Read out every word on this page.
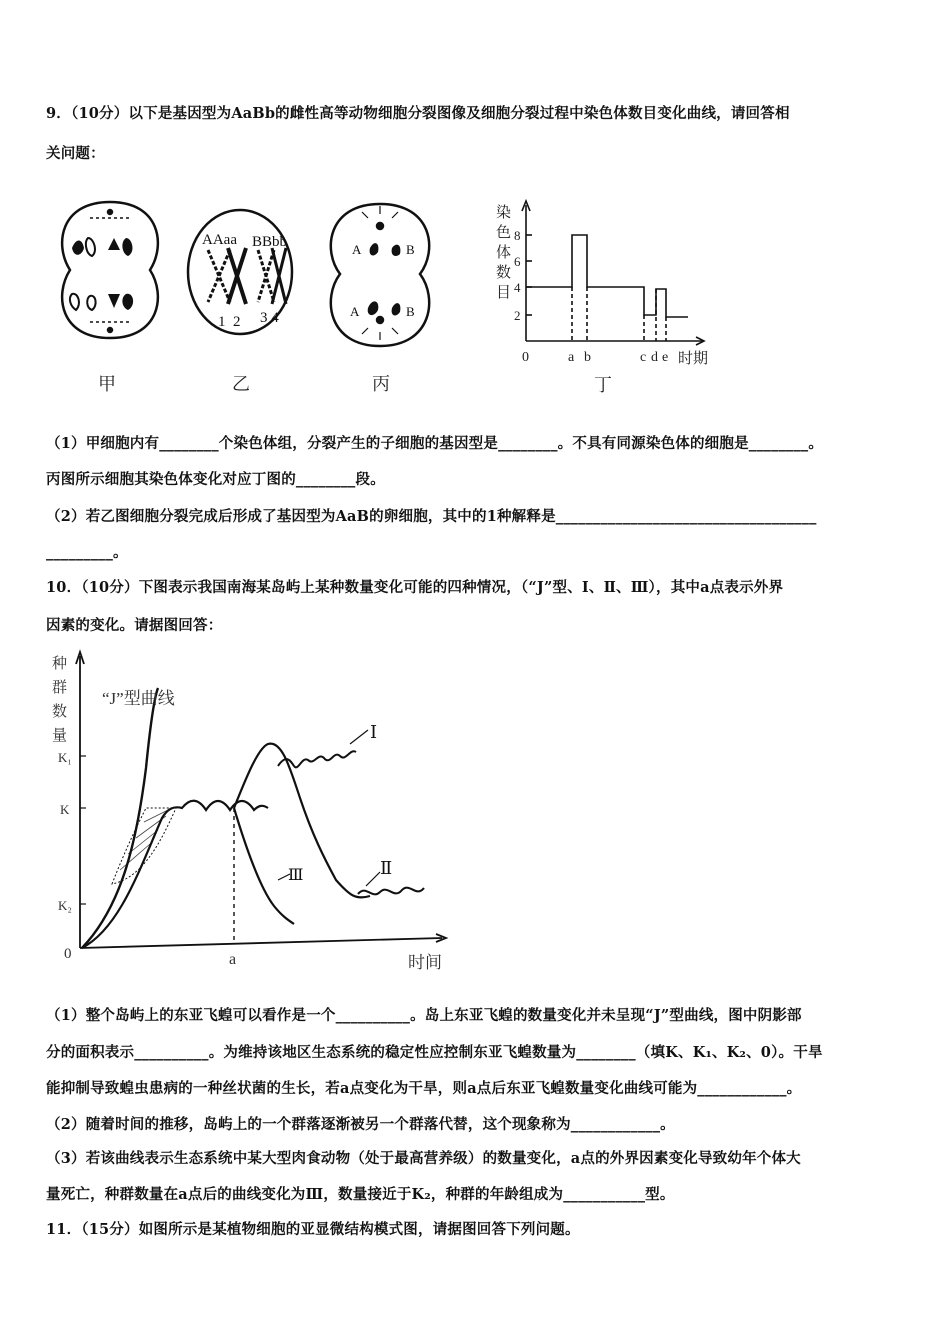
9．（10分）以下是基因型为AaBb的雌性高等动物细胞分裂图像及细胞分裂过程中染色体数目变化曲线，请回答相
关问题：
甲
AAaa BBbb
1  2 3 4
乙
A	B
A	B
丙
染
色
体
数
目
8
6
4
2
0	a b	c d e 时期
丁
（1）甲细胞内有________个染色体组，分裂产生的子细胞的基因型是________。不具有同源染色体的细胞是________。
丙图所示细胞其染色体变化对应丁图的________段。
（2）若乙图细胞分裂完成后形成了基因型为AaB的卵细胞，其中的1种解释是___________________________________
_________。
10．（10分）下图表示我国南海某岛屿上某种数量变化可能的四种情况，（“J”型、Ⅰ、Ⅱ、Ⅲ），其中a点表示外界
因素的变化。请据图回答：
种
群
数
量
“J”型曲线
K₁
K
K₂
0	a	时间
Ⅰ
Ⅱ
Ⅲ
（1）整个岛屿上的东亚飞蝗可以看作是一个__________。岛上东亚飞蝗的数量变化并未呈现“J”型曲线，图中阴影部
分的面积表示__________。为维持该地区生态系统的稳定性应控制东亚飞蝗数量为________（填K、K₁、K₂、0）。干旱
能抑制导致蝗虫患病的一种丝状菌的生长，若a点变化为干旱，则a点后东亚飞蝗数量变化曲线可能为____________。
（2）随着时间的推移，岛屿上的一个群落逐渐被另一个群落代替，这个现象称为____________。
（3）若该曲线表示生态系统中某大型肉食动物（处于最高营养级）的数量变化，a点的外界因素变化导致幼年个体大
量死亡，种群数量在a点后的曲线变化为Ⅲ，数量接近于K₂，种群的年龄组成为___________型。
11．（15分）如图所示是某植物细胞的亚显微结构模式图，请据图回答下列问题。
